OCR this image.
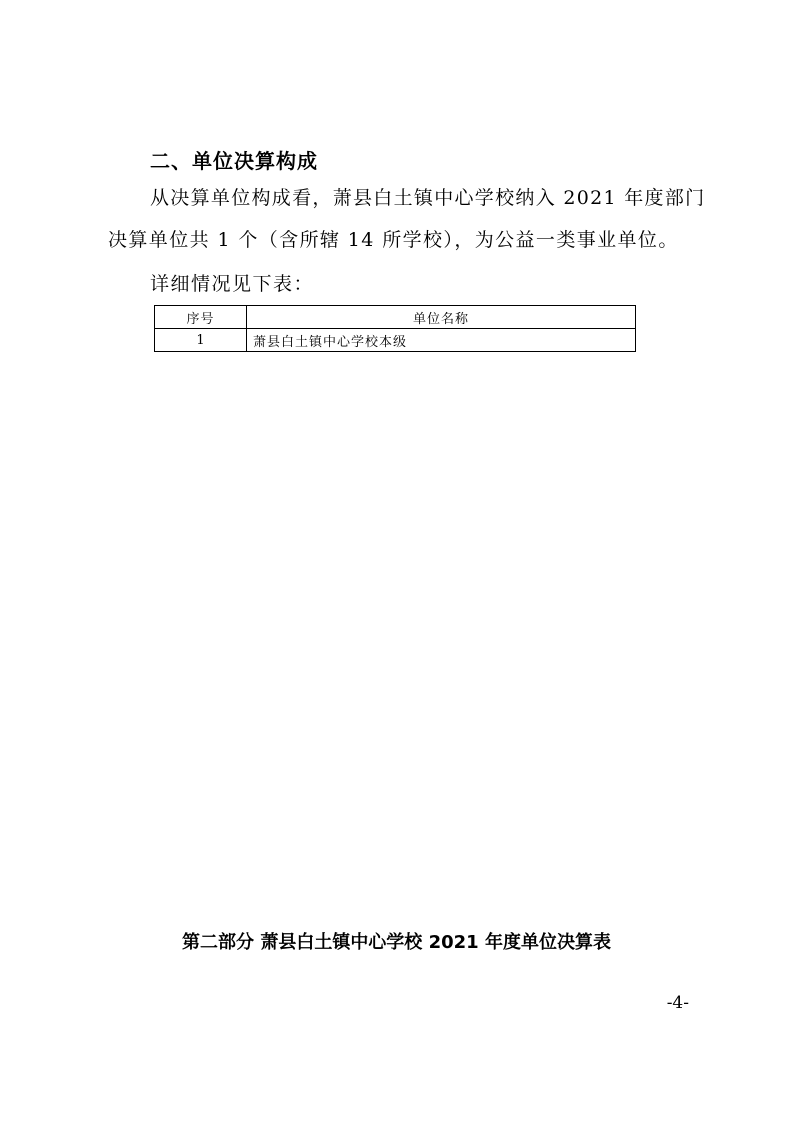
二、单位决算构成
从决算单位构成看，萧县白土镇中心学校纳入 2021 年度部门
决算单位共 1 个（含所辖 14 所学校），为公益一类事业单位。
详细情况见下表：
序号	单位名称
1	萧县白土镇中心学校本级
第二部分 萧县白土镇中心学校 2021 年度单位决算表
-4-
